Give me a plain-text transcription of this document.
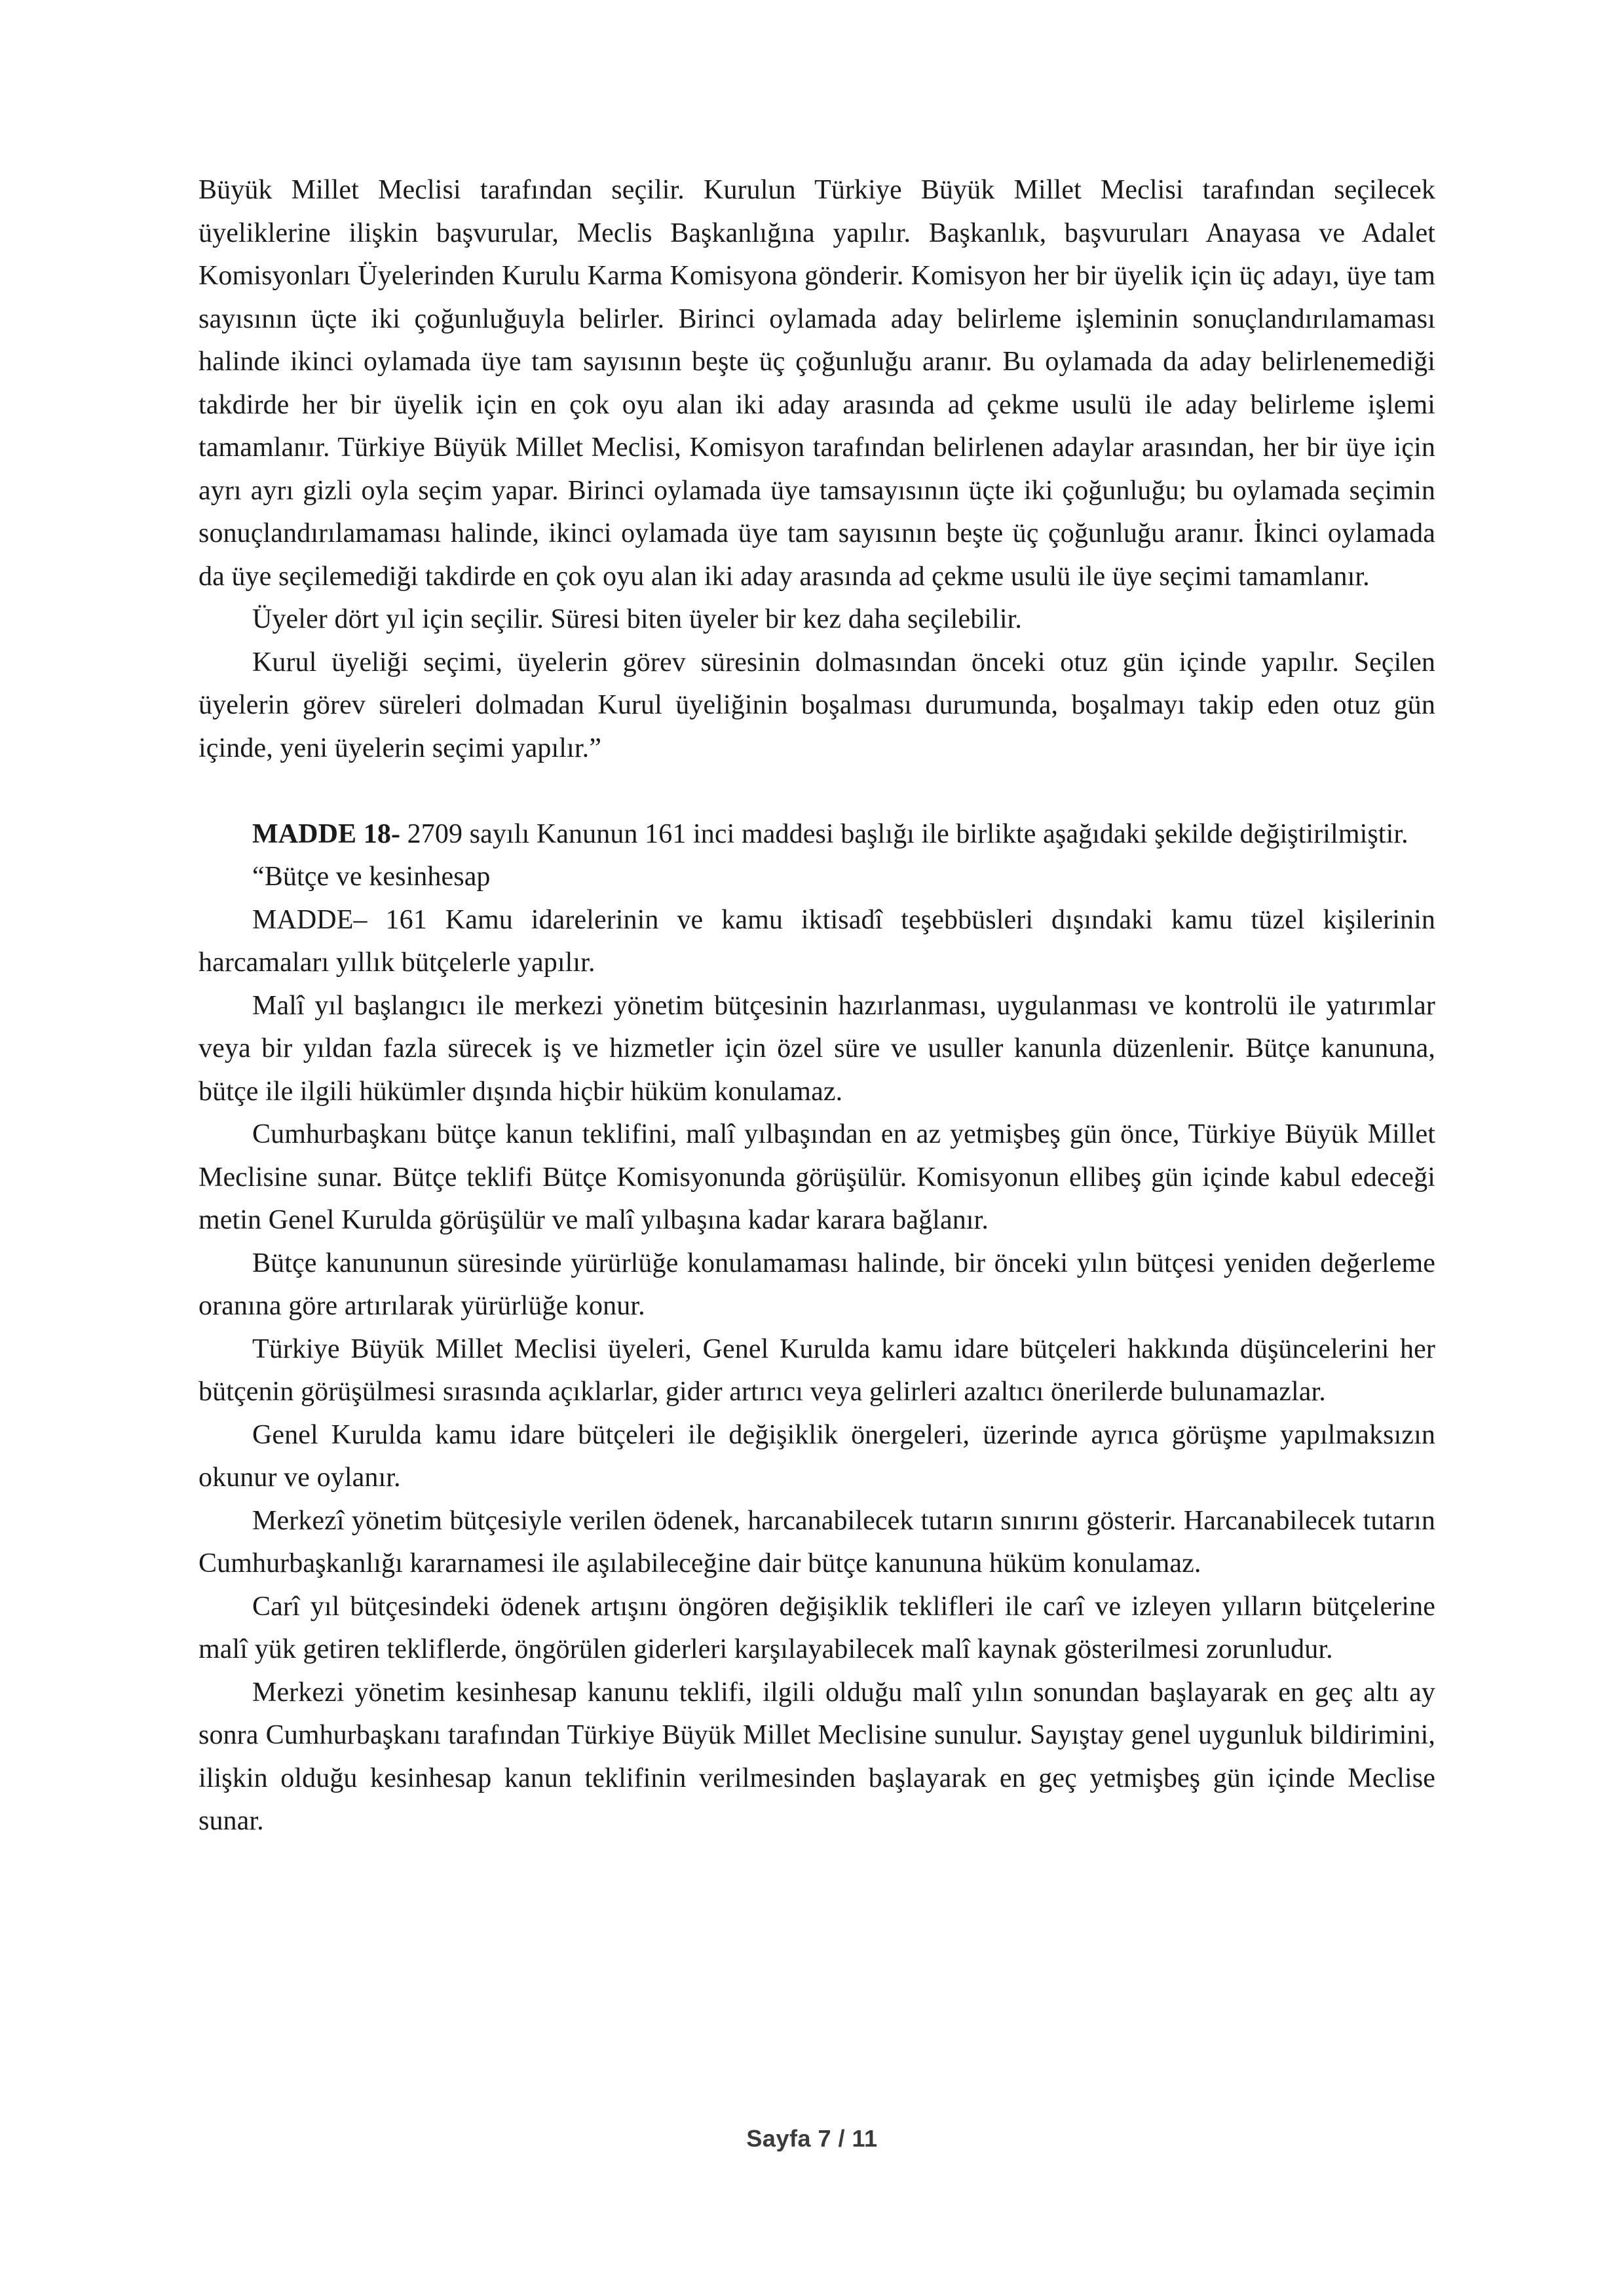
Büyük Millet Meclisi tarafından seçilir. Kurulun Türkiye Büyük Millet Meclisi tarafından seçilecek üyeliklerine ilişkin başvurular, Meclis Başkanlığına yapılır. Başkanlık, başvuruları Anayasa ve Adalet Komisyonları Üyelerinden Kurulu Karma Komisyona gönderir. Komisyon her bir üyelik için üç adayı, üye tam sayısının üçte iki çoğunluğuyla belirler. Birinci oylamada aday belirleme işleminin sonuçlandırılamaması halinde ikinci oylamada üye tam sayısının beşte üç çoğunluğu aranır. Bu oylamada da aday belirlenemediği takdirde her bir üyelik için en çok oyu alan iki aday arasında ad çekme usulü ile aday belirleme işlemi tamamlanır. Türkiye Büyük Millet Meclisi, Komisyon tarafından belirlenen adaylar arasından, her bir üye için ayrı ayrı gizli oyla seçim yapar. Birinci oylamada üye tamsayısının üçte iki çoğunluğu; bu oylamada seçimin sonuçlandırılamaması halinde, ikinci oylamada üye tam sayısının beşte üç çoğunluğu aranır. İkinci oylamada da üye seçilemediği takdirde en çok oyu alan iki aday arasında ad çekme usulü ile üye seçimi tamamlanır.

Üyeler dört yıl için seçilir. Süresi biten üyeler bir kez daha seçilebilir.

Kurul üyeliği seçimi, üyelerin görev süresinin dolmasından önceki otuz gün içinde yapılır. Seçilen üyelerin görev süreleri dolmadan Kurul üyeliğinin boşalması durumunda, boşalmayı takip eden otuz gün içinde, yeni üyelerin seçimi yapılır.”

MADDE 18- 2709 sayılı Kanunun 161 inci maddesi başlığı ile birlikte aşağıdaki şekilde değiştirilmiştir.

“Bütçe ve kesinhesap

MADDE– 161 Kamu idarelerinin ve kamu iktisadî teşebbüsleri dışındaki kamu tüzel kişilerinin harcamaları yıllık bütçelerle yapılır.

Malî yıl başlangıcı ile merkezi yönetim bütçesinin hazırlanması, uygulanması ve kontrolü ile yatırımlar veya bir yıldan fazla sürecek iş ve hizmetler için özel süre ve usuller kanunla düzenlenir. Bütçe kanununa, bütçe ile ilgili hükümler dışında hiçbir hüküm konulamaz.

Cumhurbaşkanı bütçe kanun teklifini, malî yılbaşından en az yetmişbeş gün önce, Türkiye Büyük Millet Meclisine sunar. Bütçe teklifi Bütçe Komisyonunda görüşülür. Komisyonun ellibeş gün içinde kabul edeceği metin Genel Kurulda görüşülür ve malî yılbaşına kadar karara bağlanır.

Bütçe kanununun süresinde yürürlüğe konulamaması halinde, bir önceki yılın bütçesi yeniden değerleme oranına göre artırılarak yürürlüğe konur.

Türkiye Büyük Millet Meclisi üyeleri, Genel Kurulda kamu idare bütçeleri hakkında düşüncelerini her bütçenin görüşülmesi sırasında açıklarlar, gider artırıcı veya gelirleri azaltıcı önerilerde bulunamazlar.

Genel Kurulda kamu idare bütçeleri ile değişiklik önergeleri, üzerinde ayrıca görüşme yapılmaksızın okunur ve oylanır.

Merkezî yönetim bütçesiyle verilen ödenek, harcanabilecek tutarın sınırını gösterir. Harcanabilecek tutarın Cumhurbaşkanlığı kararnamesi ile aşılabileceğine dair bütçe kanununa hüküm konulamaz.

Carî yıl bütçesindeki ödenek artışını öngören değişiklik teklifleri ile carî ve izleyen yılların bütçelerine malî yük getiren tekliflerde, öngörülen giderleri karşılayabilecek malî kaynak gösterilmesi zorunludur.

Merkezi yönetim kesinhesap kanunu teklifi, ilgili olduğu malî yılın sonundan başlayarak en geç altı ay sonra Cumhurbaşkanı tarafından Türkiye Büyük Millet Meclisine sunulur. Sayıştay genel uygunluk bildirimini, ilişkin olduğu kesinhesap kanun teklifinin verilmesinden başlayarak en geç yetmişbeş gün içinde Meclise sunar.

Sayfa 7 / 11
